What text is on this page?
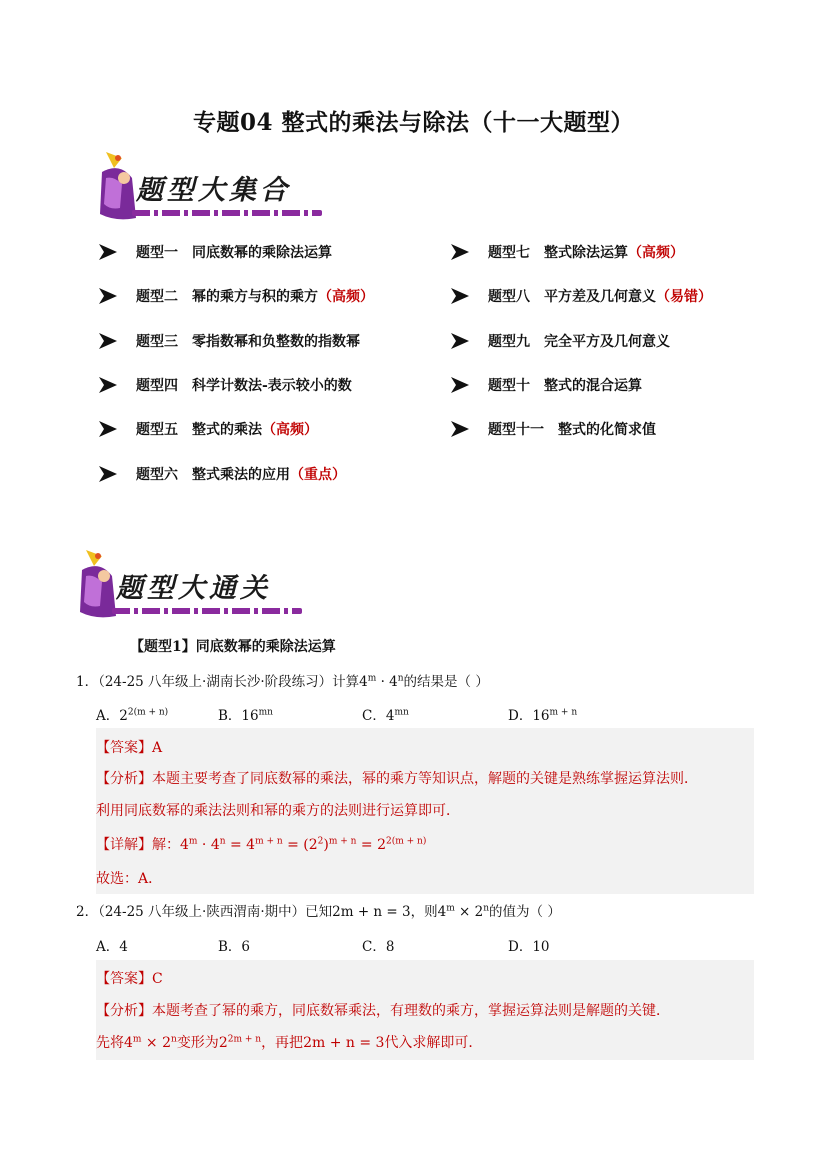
专题04 整式的乘法与除法（十一大题型）
题型大集合
题型一 同底数幂的乘除法运算
题型二 幂的乘方与积的乘方 （高频）
题型三 零指数幂和负整数的指数幂
题型四 科学计数法-表示较小的数
题型五 整式的乘法 （高频）
题型六 整式乘法的应用 （重点）
题型七 整式除法运算 （高频）
题型八 平方差及几何意义 （易错）
题型九 完全平方及几何意义
题型十 整式的混合运算
题型十一 整式的化简求值
题型大通关
【题型1】同底数幂的乘除法运算
1．（24-25 八年级上·湖南长沙·阶段练习）计算$4^m \cdot 4^n$的结果是（ ）
A．$2^{2(m + n)}$	B．$16^{mn}$	C．$4^{mn}$	D．$16^{m + n}$
【答案】A
【分析】本题主要考查了同底数幂的乘法，幂的乘方等知识点，解题的关键是熟练掌握运算法则．
利用同底数幂的乘法法则和幂的乘方的法则进行运算即可．
【详解】解：$4^m \cdot 4^n = 4^{m + n} = (2^2)^{m + n} = 2^{2(m + n)}$
故选：A．
2．（24-25 八年级上·陕西渭南·期中）已知2m + n = 3，则$4^m \times 2^n$的值为（ ）
A．4	B．6	C．8	D．10
【答案】C
【分析】本题考查了幂的乘方，同底数幂乘法，有理数的乘方，掌握运算法则是解题的关键．
先将$4^m \times 2^n$变形为$2^{2m + n}$，再把2m + n = 3代入求解即可．
